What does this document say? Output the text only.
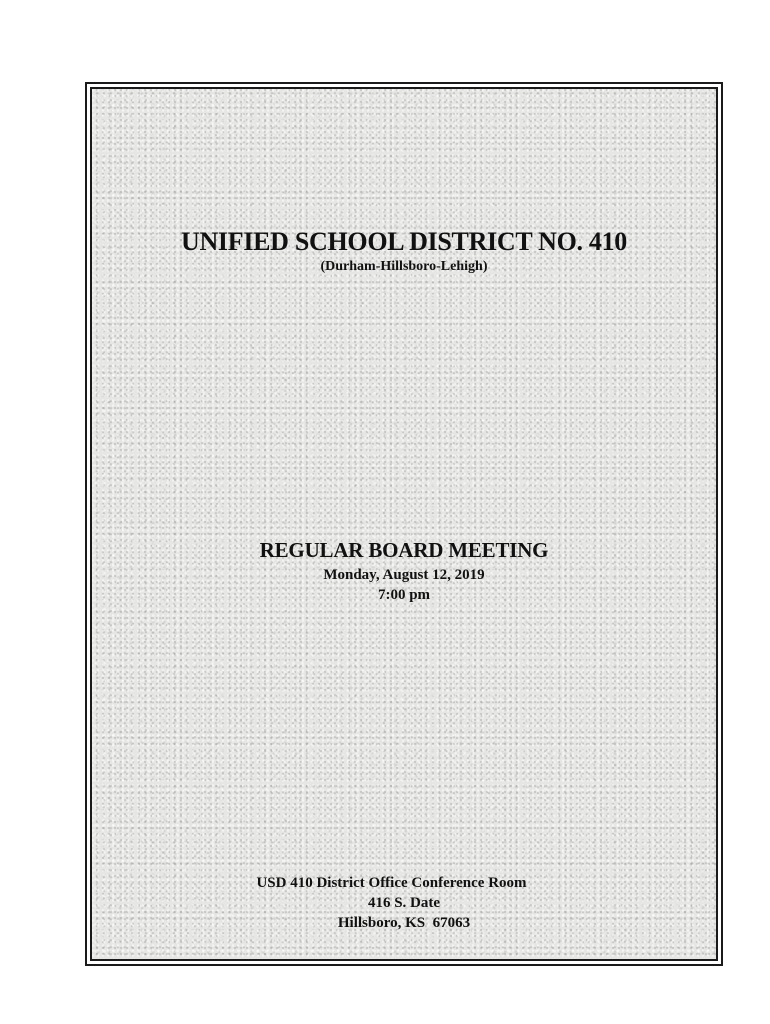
UNIFIED SCHOOL DISTRICT NO. 410
(Durham-Hillsboro-Lehigh)
REGULAR BOARD MEETING
Monday, August 12, 2019
7:00 pm
USD 410 District Office Conference Room
416 S. Date
Hillsboro, KS  67063
